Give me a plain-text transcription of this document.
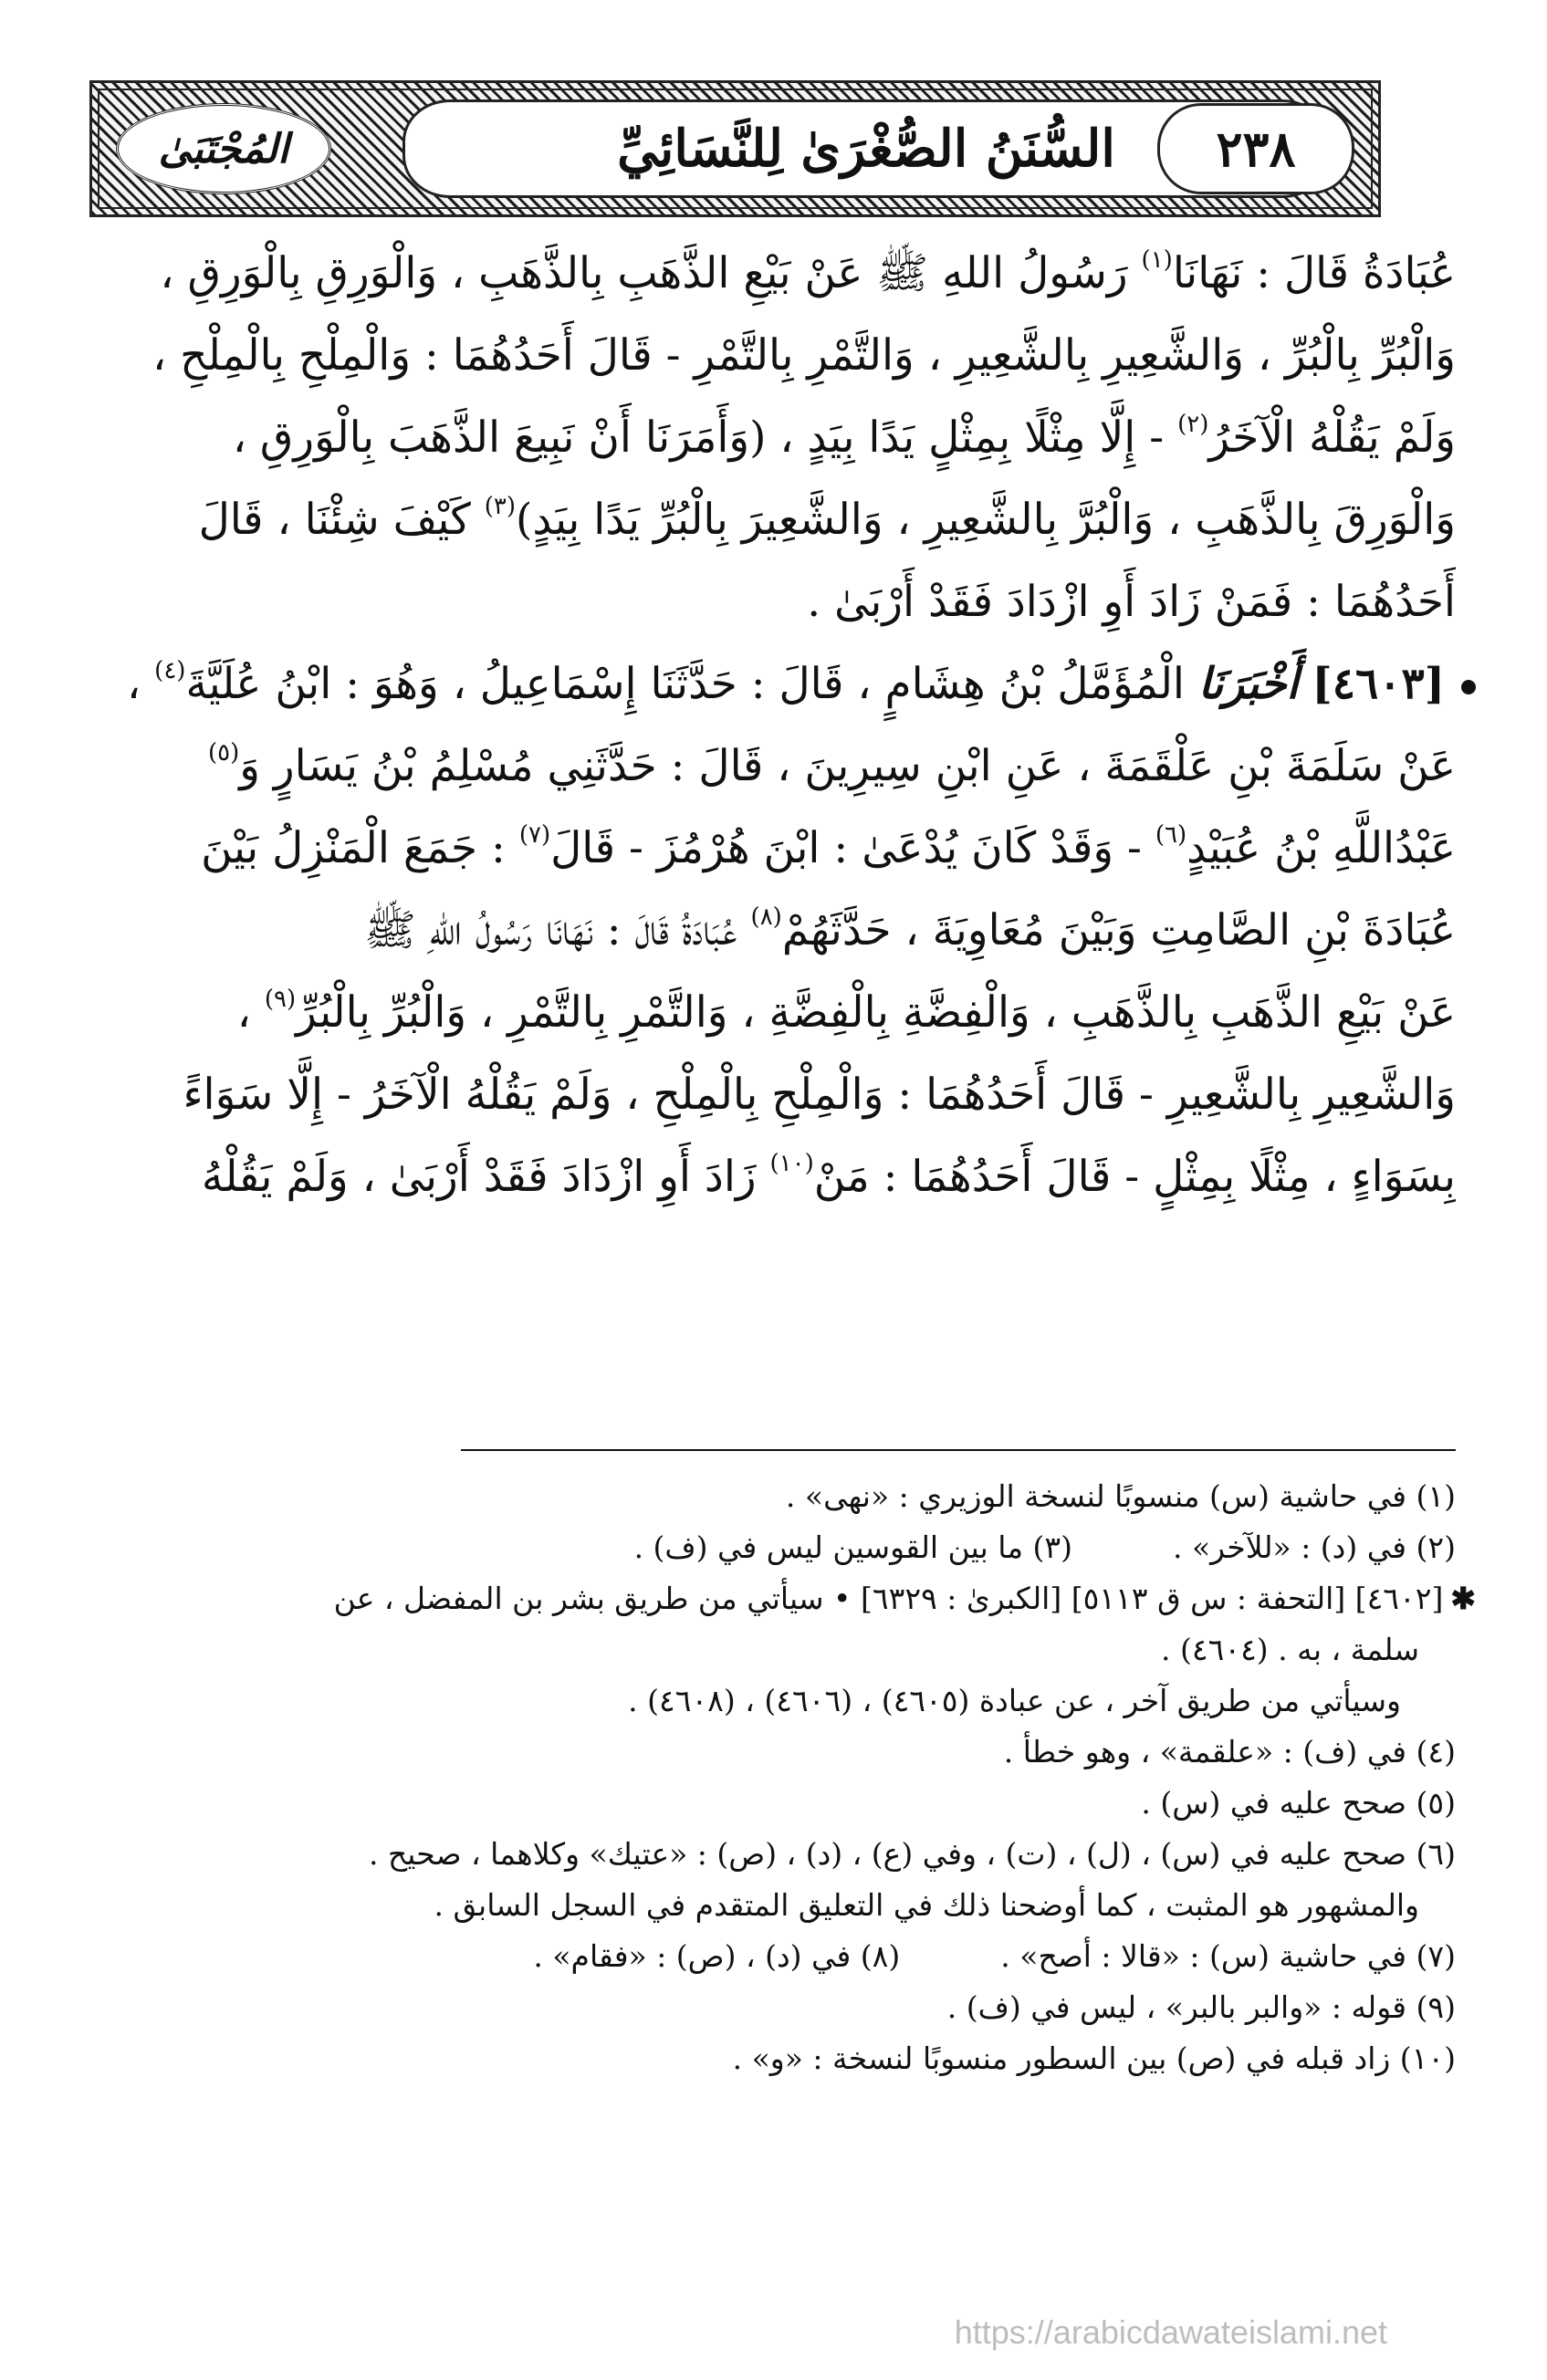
المُجْتَبَىٰ	السُّنَنُ الصُّغْرَىٰ لِلنَّسَائِيِّ ٢٣٨
عُبَادَةُ قَالَ : نَهَانَا$^{(١)}$ رَسُولُ اللهِ ﷺ عَنْ بَيْعِ الذَّهَبِ بِالذَّهَبِ ، وَالْوَرِقِ بِالْوَرِقِ ،
وَالْبُرِّ بِالْبُرِّ ، وَالشَّعِيرِ بِالشَّعِيرِ ، وَالتَّمْرِ بِالتَّمْرِ - قَالَ أَحَدُهُمَا : وَالْمِلْحِ بِالْمِلْحِ ،
وَلَمْ يَقُلْهُ الْآخَرُ$^{(٢)}$ - إِلَّا مِثْلًا بِمِثْلٍ يَدًا بِيَدٍ ، (وَأَمَرَنَا أَنْ نَبِيعَ الذَّهَبَ بِالْوَرِقِ ،
وَالْوَرِقَ بِالذَّهَبِ ، وَالْبُرَّ بِالشَّعِيرِ ، وَالشَّعِيرَ بِالْبُرِّ يَدًا بِيَدٍ)$^{(٣)}$ كَيْفَ شِئْنَا ، قَالَ
أَحَدُهُمَا : فَمَنْ زَادَ أَوِ ازْدَادَ فَقَدْ أَرْبَىٰ .
[٤٦٠٣] أَخْبَرَنَا الْمُؤَمَّلُ بْنُ هِشَامٍ ، قَالَ : حَدَّثَنَا إِسْمَاعِيلُ ، وَهُوَ : ابْنُ عُلَيَّةَ$^{(٤)}$ ،
عَنْ سَلَمَةَ بْنِ عَلْقَمَةَ ، عَنِ ابْنِ سِيرِينَ ، قَالَ : حَدَّثَنِي مُسْلِمُ بْنُ يَسَارٍ وَ$^{(٥)}$
عَبْدُاللَّهِ بْنُ عُبَيْدٍ$^{(٦)}$ - وَقَدْ كَانَ يُدْعَىٰ : ابْنَ هُرْمُزَ - قَالَ$^{(٧)}$ : جَمَعَ الْمَنْزِلُ بَيْنَ
عُبَادَةَ بْنِ الصَّامِتِ وَبَيْنَ مُعَاوِيَةَ ، حَدَّثَهُمْ$^{(٨)}$ عُبَادَةُ قَالَ : نَهَانَا رَسُولُ اللهِ ﷺ
عَنْ بَيْعِ الذَّهَبِ بِالذَّهَبِ ، وَالْفِضَّةِ بِالْفِضَّةِ ، وَالتَّمْرِ بِالتَّمْرِ ، وَالْبُرِّ بِالْبُرِّ$^{(٩)}$ ،
وَالشَّعِيرِ بِالشَّعِيرِ - قَالَ أَحَدُهُمَا : وَالْمِلْحِ بِالْمِلْحِ ، وَلَمْ يَقُلْهُ الْآخَرُ - إِلَّا سَوَاءً
بِسَوَاءٍ ، مِثْلًا بِمِثْلٍ - قَالَ أَحَدُهُمَا : مَنْ$^{(١٠)}$ زَادَ أَوِ ازْدَادَ فَقَدْ أَرْبَىٰ ، وَلَمْ يَقُلْهُ
(١) في حاشية (س) منسوبًا لنسخة الوزيري : «نهى» .
(٢) في (د) : «للآخر» .
(٣) ما بين القوسين ليس في (ف) .
✱[٤٦٠٢] [التحفة : س ق ٥١١٣] [الكبرىٰ : ٦٣٢٩] • سيأتي من طريق بشر بن المفضل ، عن
سلمة ، به . (٤٦٠٤) .
وسيأتي من طريق آخر ، عن عبادة (٤٦٠٥) ، (٤٦٠٦) ، (٤٦٠٨) .
(٤) في (ف) : «علقمة» ، وهو خطأ .
(٥) صحح عليه في (س) .
(٦) صحح عليه في (س) ، (ل) ، (ت) ، وفي (ع) ، (د) ، (ص) : «عتيك» وكلاهما ، صحيح .
والمشهور هو المثبت ، كما أوضحنا ذلك في التعليق المتقدم في السجل السابق .
(٧) في حاشية (س) : «قالا : أصح» .
(٨) في (د) ، (ص) : «فقام» .
(٩) قوله : «والبر بالبر» ، ليس في (ف) .
(١٠) زاد قبله في (ص) بين السطور منسوبًا لنسخة : «و» .
https://arabicdawateislami.net
